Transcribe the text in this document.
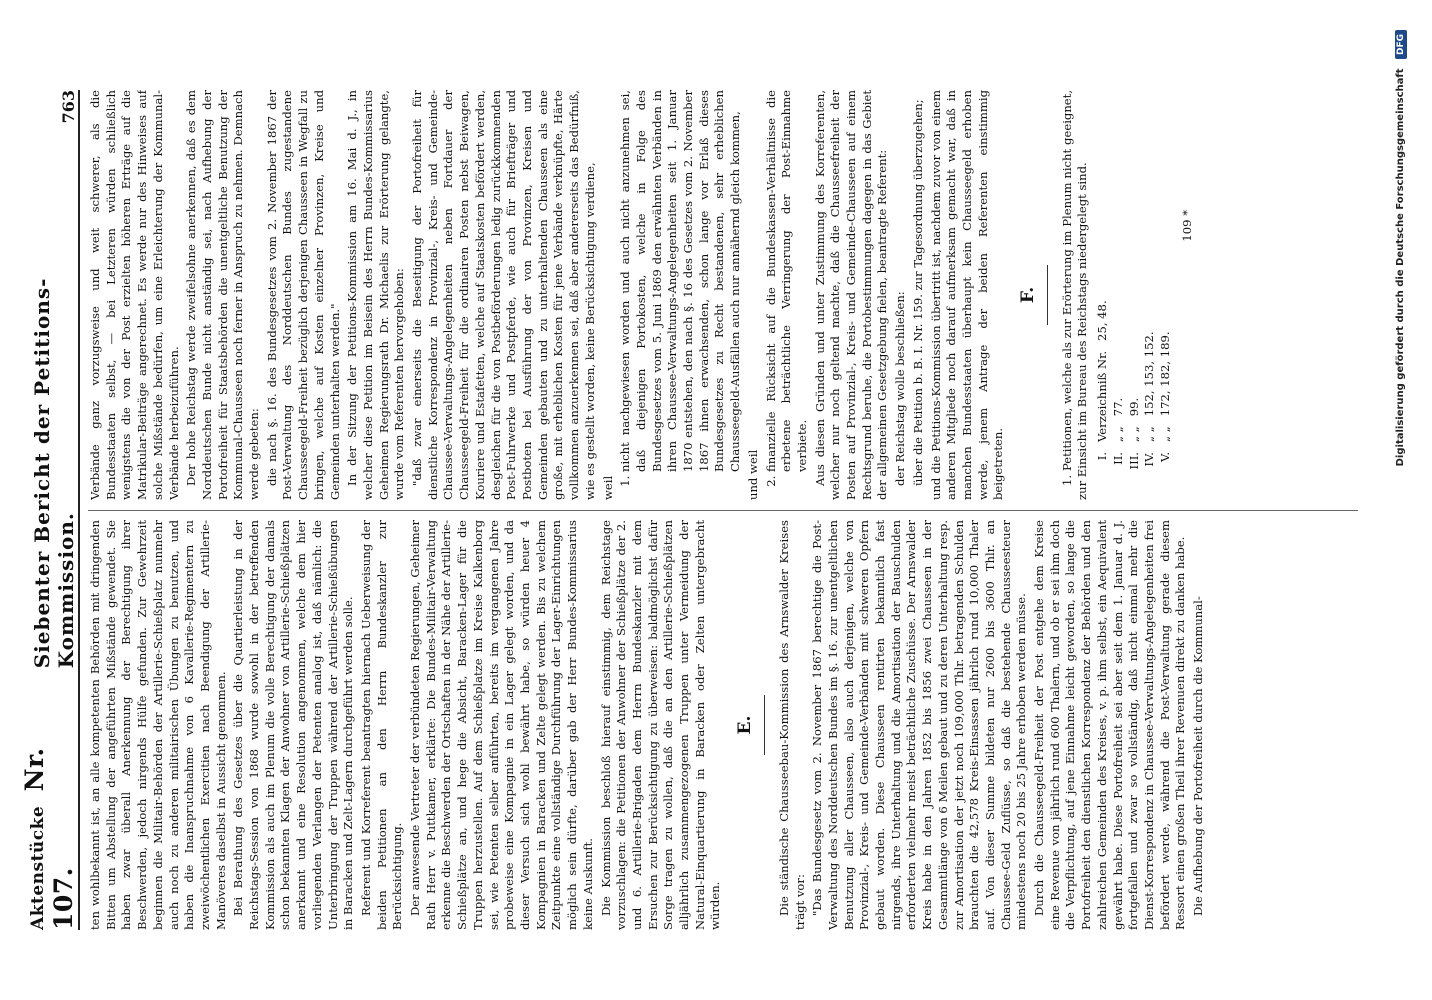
Aktenstücke Nr. 107.
Siebenter Bericht der Petitions-Kommission.
763

ten wohlbekannt ist, an alle kompetenten Behörden mit dringenden Bitten um Abstellung der angeführten Mißstände gewendet. Sie haben zwar überall Anerkennung der Berechtigung ihrer Beschwerden, jedoch nirgends Hülfe gefunden. Zur Gewehrzeit beginnen die Militair-Behörden der Artillerie-Schießplatz nunmehr auch noch zu anderen militairischen Übungen zu benutzen, und haben die Inanspruchnahme von 6 Kavallerie-Regimentern zu zweiwöchentlichen Exercitien nach Beendigung der Artillerie-Manöveres daselbst in Aussicht genommen. Bei Berathung des Gesetzes über die Quartierleistung in der Reichstags-Session von 1868 wurde sowohl in der betreffenden Kommission als auch im Plenum die volle Berechtigung der damals schon bekannten Klagen der Anwohner von Artillerie-Schießplätzen anerkannt und eine Resolution angenommen, welche dem hier vorliegenden Verlangen der Petenten analog ist, daß nämlich: die Unterbringung der Truppen während der Artillerie-Schießübungen in Baracken und Zelt-Lagern durchgeführt werden solle. Referent und Korreferent beantragten hiernach Ueberweisung der beiden Petitionen an den Herrn Bundeskanzler zur Berücksichtigung. Der anwesende Vertreter der verbündeten Regierungen, Geheimer Rath Herr v. Puttkamer, erklärte: Die Bundes-Militair-Verwaltung erkenne die Beschwerden der Ortschaften in der Nähe der Artillerie-Schießplätze an, und hege die Absicht, Baracken-Lager für die Truppen herzustellen. Auf dem Schießplatze im Kreise Kalkenborg sei, wie Petenten selber anführten, bereits im vergangenen Jahre probeweise eine Kompagnie in ein Lager gelegt worden, und da dieser Versuch sich wohl bewährt habe, so würden heuer 4 Kompagnien in Baracken und Zelte gelegt werden. Bis zu welchem Zeitpunkte eine vollständige Durchführung der Lager-Einrichtungen möglich sein dürfte, darüber gab der Herr Bundes-Kommissarius keine Auskunft. Die Kommission beschloß hierauf einstimmig, dem Reichstage vorzuschlagen: die Petitionen der Anwohner der Schießplätze der 2. und 6. Artillerie-Brigaden dem Herrn Bundeskanzler mit dem Ersuchen zur Berücksichtigung zu überweisen: baldmöglichst dafür Sorge tragen zu wollen, daß die an den Artillerie-Schießplätzen alljährlich zusammengezogenen Truppen unter Vermeidung der Natural-Einquartierung in Baracken oder Zelten untergebracht würden.

E. Die ständische Chausseebau-Kommission des Arnswalder Kreises trägt vor: "Das Bundesgesetz vom 2. November 1867 berechtige die Post-Verwaltung des Norddeutschen Bundes im §. 16. zur unentgeltlichen Benutzung aller Chausseen, also auch derjenigen, welche von Provinzial-, Kreis- und Gemeinde-Verbänden mit schweren Opfern gebaut worden. Diese Chausseen rentirten bekanntlich fast nirgends, ihre Unterhaltung und die Amortisation der Bauschulden erforderten vielmehr meist beträchtliche Zuschüsse. Der Arnswalder Kreis habe in den Jahren 1852 bis 1856 zwei Chausseen in der Gesammtlänge von 6 Meilen gebaut und zu deren Unterhaltung resp. zur Amortisation der jetzt noch 109,000 Thlr. betragenden Schulden brauchten die 42,578 Kreis-Einsassen jährlich rund 10,000 Thaler auf. Von dieser Summe bildeten nur 2600 bis 3600 Thlr. an Chaussee-Geld Zuflüsse, so daß die bestehende Chausseesteuer mindestens noch 20 bis 25 Jahre erhoben werden müsse. Durch die Chausseegeld-Freiheit der Post entgehe dem Kreise eine Revenue von jährlich rund 600 Thalern, und ob er sei ihm doch die Verpflichtung, auf jene Einnahme leicht geworden, so lange die Portofreiheit den dienstlichen Korrespondenz der Behörden und den zahlreichen Gemeinden des Kreises, v. p. ihm selbst, ein Aequivalent gewährt habe. Diese Portofreiheit sei aber seit dem 1. Januar d. J. fortgefallen und zwar so vollständig, daß nicht einmal mehr die Dienst-Korrespondenz in Chaussee-Verwaltungs-Angelegenheiten frei befördert werde, während die Post-Verwaltung gerade diesem Ressort einen großen Theil ihrer Revenuen direkt zu danken habe. Die Aufhebung der Portofreiheit durch die Kommunal-

Verbände ganz vorzugsweise und weit schwerer, als die Bundesstaaten selbst, — bei Letzteren würden schließlich wenigstens die von der Post erzielten höheren Erträge auf die Matrikular-Beiträge angerechnet. Es werde nur des Hinweises auf solche Mißstände bedürfen, um eine Erleichterung der Kommunal-Verbände herbeizuführen. Der hohe Reichstag werde zweifelsohne anerkennen, daß es dem Norddeutschen Bunde nicht anständig sei, nach Aufhebung der Portofreiheit für Staatsbehörden die unentgeltliche Benutzung der Kommunal-Chausseen noch ferner in Anspruch zu nehmen. Demnach werde gebeten: die nach §. 16. des Bundesgesetzes vom 2. November 1867 der Post-Verwaltung des Norddeutschen Bundes zugestandene Chausseegeld-Freiheit bezüglich derjenigen Chausseen in Wegfall zu bringen, welche auf Kosten einzelner Provinzen, Kreise und Gemeinden unterhalten werden." In der Sitzung der Petitions-Kommission am 16. Mai d. J., in welcher diese Petition im Beisein des Herrn Bundes-Kommissarius Geheimen Regierungsrath Dr. Michaelis zur Erörterung gelangte, wurde vom Referenten hervorgehoben: "daß zwar einerseits die Beseitigung der Portofreiheit für dienstliche Korrespondenz in Provinzial-, Kreis- und Gemeinde-Chaussee-Verwaltungs-Angelegenheiten neben Fortdauer der Chausseegeld-Freiheit für die ordinairen Posten nebst Beiwagen, Kouriere und Estafetten, welche auf Staatskosten befördert werden, desgleichen für die von Postbeförderungen ledig zurückkommenden Post-Fuhrwerke und Postpferde, wie auch für Briefträger und Postboten bei Ausführung der von Provinzen, Kreisen und Gemeinden gebauten und zu unterhaltenden Chausseen als eine große, mit erheblichen Kosten für jene Verbände verknüpfte, Härte vollkommen anzuerkennen sei, daß aber andererseits das Bedürfniß, wie es gestellt worden, keine Berücksichtigung verdiene, weil

1. nicht nachgewiesen worden und auch nicht anzunehmen sei, daß diejenigen Portokosten, welche in Folge des Bundesgesetzes vom 5. Juni 1869 den erwähnten Verbänden in ihren Chaussee-Verwaltungs-Angelegenheiten seit 1. Januar 1870 entstehen, den nach §. 16 des Gesetzes vom 2. November 1867 ihnen erwachsenden, schon lange vor Erlaß dieses Bundesgesetzes zu Recht bestandenen, sehr erheblichen Chausseegeld-Ausfällen auch nur annähernd gleich kommen,

und weil

2. finanzielle Rücksicht auf die Bundeskassen-Verhältnisse die erbetene beträchtliche Verringerung der Post-Einnahme verbiete. Aus diesen Gründen und unter Zustimmung des Korreferenten, welcher nur noch geltend machte, daß die Chausseefreiheit der Posten auf Provinzial-, Kreis- und Gemeinde-Chausseen auf einem Rechtsgrund beruhe, die Portobestimmungen dagegen in das Gebiet der allgemeinen Gesetzgebung fielen, beantragte Referent: der Reichstag wolle beschließen: über die Petition b. B. I. Nr. 159. zur Tagesordnung überzugehen; und die Petitions-Kommission übertritt ist, nachdem zuvor von einem anderen Mitgliede noch darauf aufmerksam gemacht war, daß in manchen Bundesstaaten überhaupt kein Chausseegeld erhoben werde, jenem Antrage der beiden Referenten einstimmig beigetreten.

F. 1. Petitionen, welche als zur Erörterung im Plenum nicht geeignet, zur Einsicht im Bureau des Reichstags niedergelegt sind. I.
Verzeichniß Nr.
25, 48.
II.
„ „
77.
III.
„ „
99.
IV.
„ „
152, 153, 152.
V.
„ „
172, 182, 189.
109 *	Digitalisierung gefördert durch die Deutsche Forschungsgemeinschaft DFG
